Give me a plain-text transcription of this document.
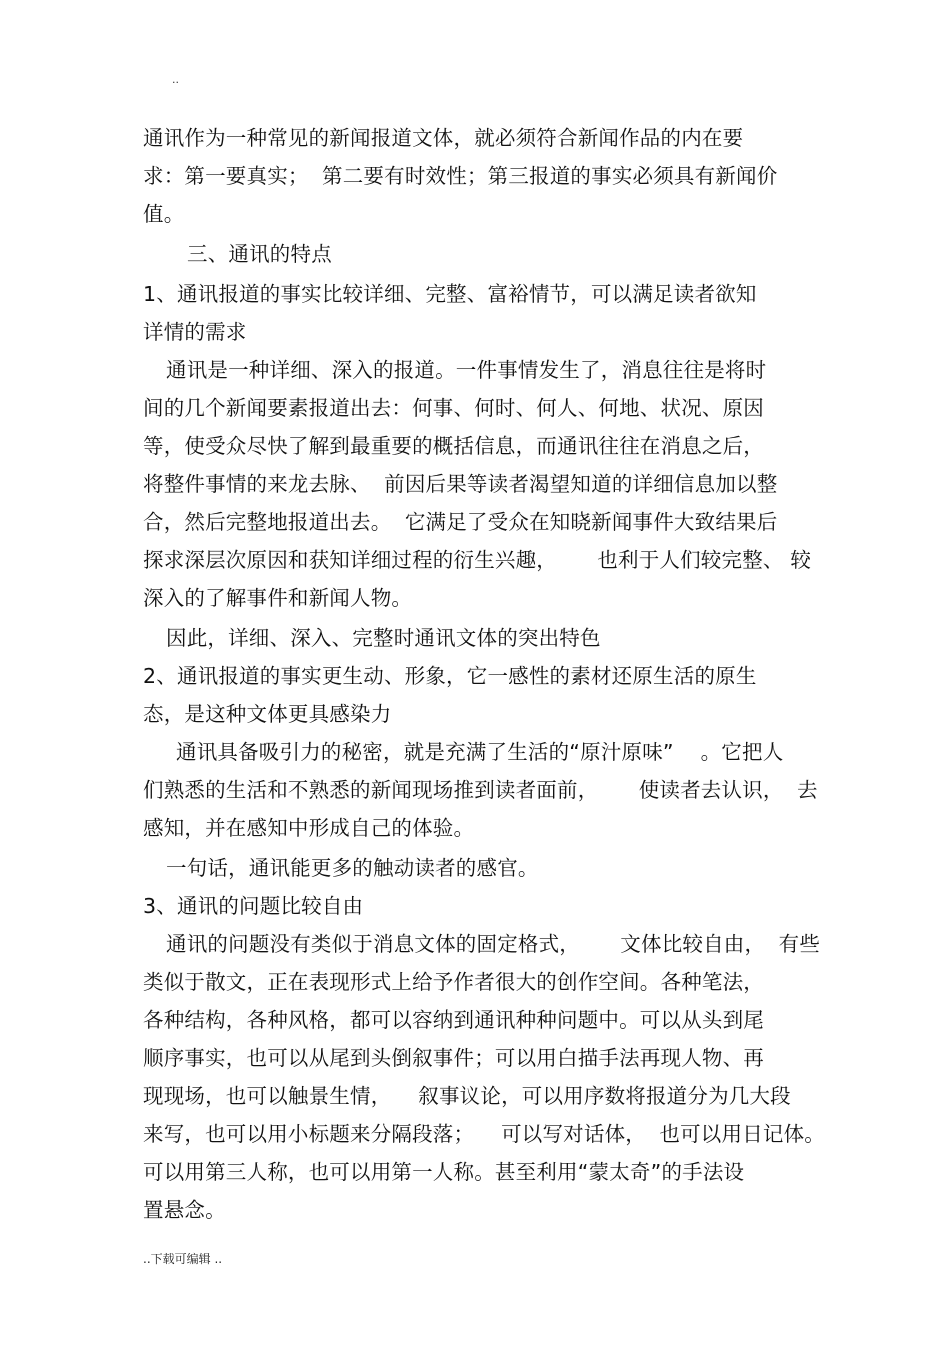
..
通讯作为一种常见的新闻报道文体，就必须符合新闻作品的内在要
求：第一要真实；  第二要有时效性；第三报道的事实必须具有新闻价
值。
三、通讯的特点
1、通讯报道的事实比较详细、完整、富裕情节，可以满足读者欲知
详情的需求
通讯是一种详细、深入的报道。一件事情发生了，消息往往是将时
间的几个新闻要素报道出去：何事、何时、何人、何地、状况、原因
等，使受众尽快了解到最重要的概括信息，而通讯往往在消息之后，
将整件事情的来龙去脉、  前因后果等读者渴望知道的详细信息加以整
合，然后完整地报道出去。  它满足了受众在知晓新闻事件大致结果后
探求深层次原因和获知详细过程的衍生兴趣，      也利于人们较完整、 较
深入的了解事件和新闻人物。
因此，详细、深入、完整时通讯文体的突出特色
2、通讯报道的事实更生动、形象，它一感性的素材还原生活的原生
态，是这种文体更具感染力
通讯具备吸引力的秘密，就是充满了生活的“原汁原味”    。它把人
们熟悉的生活和不熟悉的新闻现场推到读者面前，      使读者去认识，  去
感知，并在感知中形成自己的体验。
一句话，通讯能更多的触动读者的感官。
3、通讯的问题比较自由
通讯的问题没有类似于消息文体的固定格式，      文体比较自由，  有些
类似于散文，正在表现形式上给予作者很大的创作空间。各种笔法，
各种结构，各种风格，都可以容纳到通讯种种问题中。可以从头到尾
顺序事实，也可以从尾到头倒叙事件；可以用白描手法再现人物、再
现现场，也可以触景生情，    叙事议论，可以用序数将报道分为几大段
来写，也可以用小标题来分隔段落；    可以写对话体，  也可以用日记体。
可以用第三人称，也可以用第一人称。甚至利用“蒙太奇”的手法设
置悬念。
..下载可编辑 ..
